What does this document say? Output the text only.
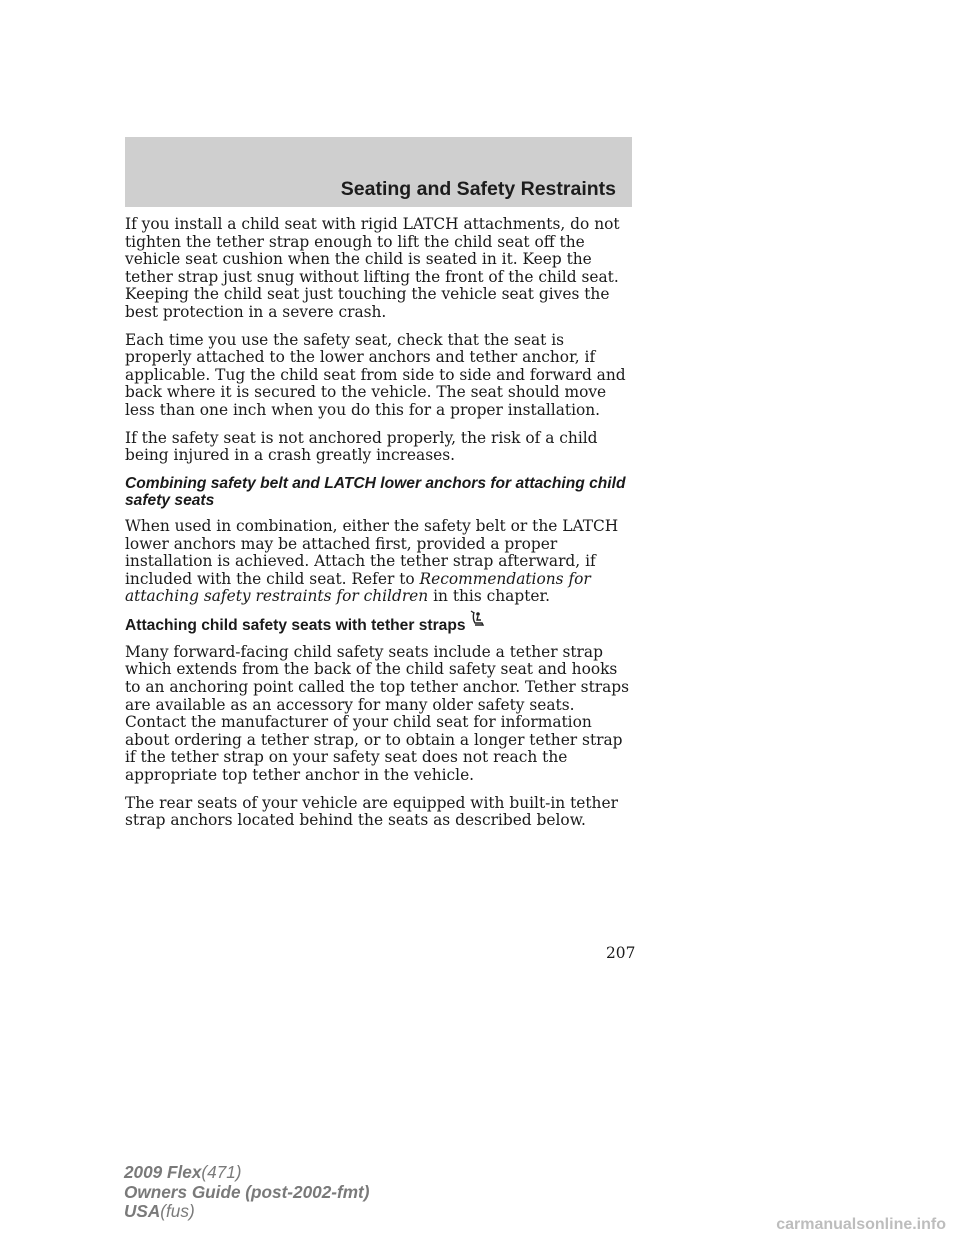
Seating and Safety Restraints

If you install a child seat with rigid LATCH attachments, do not tighten the tether strap enough to lift the child seat off the vehicle seat cushion when the child is seated in it. Keep the tether strap just snug without lifting the front of the child seat. Keeping the child seat just touching the vehicle seat gives the best protection in a severe crash.

Each time you use the safety seat, check that the seat is properly attached to the lower anchors and tether anchor, if applicable. Tug the child seat from side to side and forward and back where it is secured to the vehicle. The seat should move less than one inch when you do this for a proper installation.

If the safety seat is not anchored properly, the risk of a child being injured in a crash greatly increases.

Combining safety belt and LATCH lower anchors for attaching child safety seats

When used in combination, either the safety belt or the LATCH lower anchors may be attached first, provided a proper installation is achieved. Attach the tether strap afterward, if included with the child seat. Refer to Recommendations for attaching safety restraints for children in this chapter.

Attaching child safety seats with tether straps

Many forward-facing child safety seats include a tether strap which extends from the back of the child safety seat and hooks to an anchoring point called the top tether anchor. Tether straps are available as an accessory for many older safety seats. Contact the manufacturer of your child seat for information about ordering a tether strap, or to obtain a longer tether strap if the tether strap on your safety seat does not reach the appropriate top tether anchor in the vehicle.

The rear seats of your vehicle are equipped with built-in tether strap anchors located behind the seats as described below.

207
2009 Flex(471)
Owners Guide (post-2002-fmt)
USA(fus)
carmanualsonline.info
